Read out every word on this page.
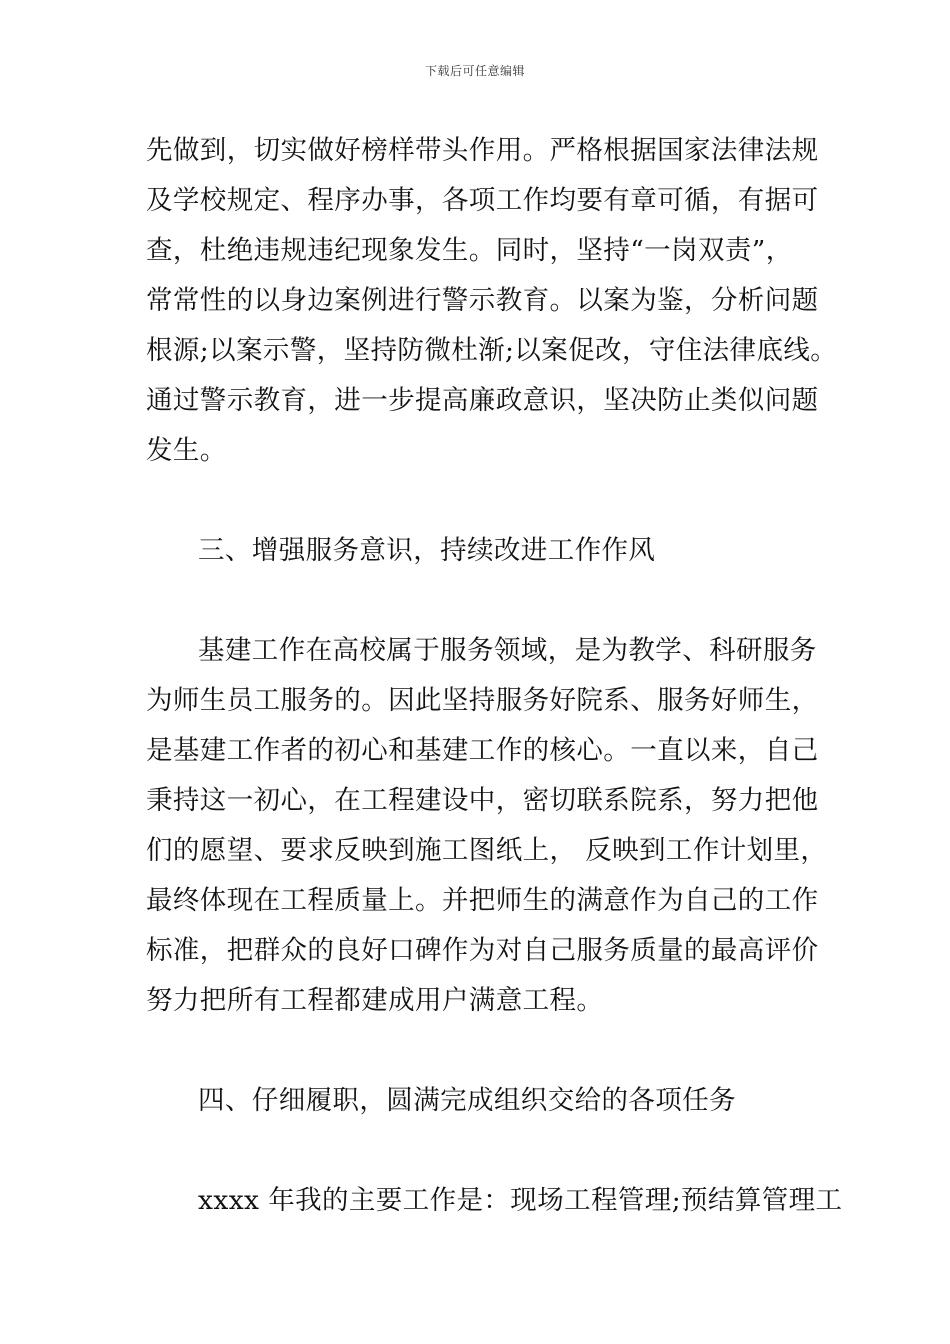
下载后可任意编辑
先做到，切实做好榜样带头作用。严格根据国家法律法规
及学校规定、程序办事，各项工作均要有章可循，有据可
查，杜绝违规违纪现象发生。同时，坚持“一岗双责”，
常常性的以身边案例进行警示教育。以案为鉴，分析问题
根源;以案示警，坚持防微杜渐;以案促改，守住法律底线。
通过警示教育，进一步提高廉政意识，坚决防止类似问题
发生。
三、增强服务意识，持续改进工作作风
基建工作在高校属于服务领域，是为教学、科研服务
为师生员工服务的。因此坚持服务好院系、服务好师生，
是基建工作者的初心和基建工作的核心。一直以来，自己
秉持这一初心，在工程建设中，密切联系院系，努力把他
们的愿望、要求反映到施工图纸上， 反映到工作计划里，
最终体现在工程质量上。并把师生的满意作为自己的工作
标准，把群众的良好口碑作为对自己服务质量的最高评价
努力把所有工程都建成用户满意工程。
四、仔细履职，圆满完成组织交给的各项任务
xxxx 年我的主要工作是：现场工程管理;预结算管理工
